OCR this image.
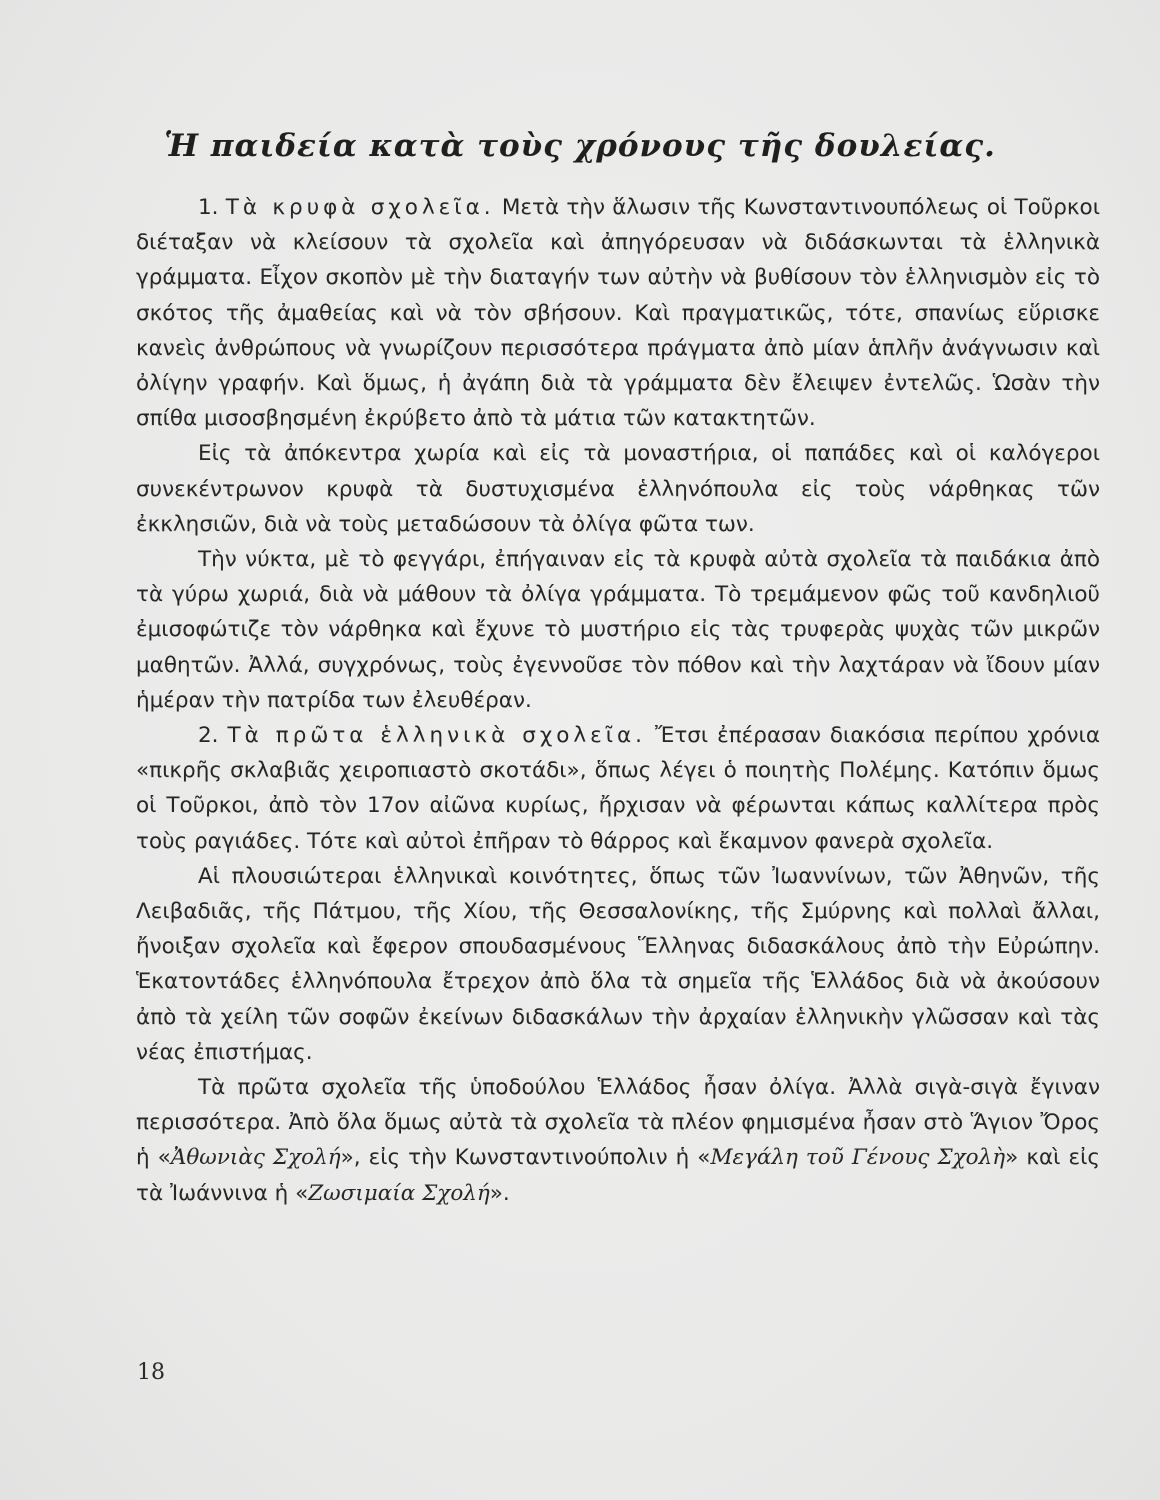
Ἡ παιδεία κατὰ τοὺς χρόνους τῆς δουλείας.

1. Τὰ κρυφὰ σχολεῖα. Μετὰ τὴν ἅλωσιν τῆς Κωνσταντινουπόλεως οἱ Τοῦρκοι διέταξαν νὰ κλείσουν τὰ σχολεῖα καὶ ἀπηγόρευσαν νὰ διδάσκωνται τὰ ἑλληνικὰ γράμματα. Εἶχον σκοπὸν μὲ τὴν διαταγήν των αὐτὴν νὰ βυθίσουν τὸν ἑλληνισμὸν εἰς τὸ σκότος τῆς ἀμαθείας καὶ νὰ τὸν σβήσουν. Καὶ πραγματικῶς, τότε, σπανίως εὕρισκε κανεὶς ἀνθρώπους νὰ γνωρίζουν περισσότερα πράγματα ἀπὸ μίαν ἁπλῆν ἀνάγνωσιν καὶ ὀλίγην γραφήν. Καὶ ὅμως, ἡ ἀγάπη διὰ τὰ γράμματα δὲν ἔλειψεν ἐντελῶς. Ὡσὰν τὴν σπίθα μισοσβησμένη ἐκρύβετο ἀπὸ τὰ μάτια τῶν κατακτητῶν.

Εἰς τὰ ἀπόκεντρα χωρία καὶ εἰς τὰ μοναστήρια, οἱ παπάδες καὶ οἱ καλόγεροι συνεκέντρωνον κρυφὰ τὰ δυστυχισμένα ἑλληνόπουλα εἰς τοὺς νάρθηκας τῶν ἐκκλησιῶν, διὰ νὰ τοὺς μεταδώσουν τὰ ὀλίγα φῶτα των.

Τὴν νύκτα, μὲ τὸ φεγγάρι, ἐπήγαιναν εἰς τὰ κρυφὰ αὐτὰ σχολεῖα τὰ παιδάκια ἀπὸ τὰ γύρω χωριά, διὰ νὰ μάθουν τὰ ὀλίγα γράμματα. Τὸ τρεμάμενον φῶς τοῦ κανδηλιοῦ ἐμισοφώτιζε τὸν νάρθηκα καὶ ἔχυνε τὸ μυστήριο εἰς τὰς τρυφερὰς ψυχὰς τῶν μικρῶν μαθητῶν. Ἀλλά, συγχρόνως, τοὺς ἐγεννοῦσε τὸν πόθον καὶ τὴν λαχτάραν νὰ ἴδουν μίαν ἡμέραν τὴν πατρίδα των ἐλευθέραν.

2. Τὰ πρῶτα ἑλληνικὰ σχολεῖα. Ἔτσι ἐπέρασαν διακόσια περίπου χρόνια «πικρῆς σκλαβιᾶς χειροπιαστὸ σκοτάδι», ὅπως λέγει ὁ ποιητὴς Πολέμης. Κατόπιν ὅμως οἱ Τοῦρκοι, ἀπὸ τὸν 17ον αἰῶνα κυρίως, ἤρχισαν νὰ φέρωνται κάπως καλλίτερα πρὸς τοὺς ραγιάδες. Τότε καὶ αὐτοὶ ἐπῆραν τὸ θάρρος καὶ ἔκαμνον φανερὰ σχολεῖα.

Αἱ πλουσιώτεραι ἑλληνικαὶ κοινότητες, ὅπως τῶν Ἰωαννίνων, τῶν Ἀθηνῶν, τῆς Λειβαδιᾶς, τῆς Πάτμου, τῆς Χίου, τῆς Θεσσαλονίκης, τῆς Σμύρνης καὶ πολλαὶ ἄλλαι, ἤνοιξαν σχολεῖα καὶ ἔφερον σπουδασμένους Ἕλληνας διδασκάλους ἀπὸ τὴν Εὐρώπην. Ἑκατοντάδες ἑλληνόπουλα ἔτρεχον ἀπὸ ὅλα τὰ σημεῖα τῆς Ἑλλάδος διὰ νὰ ἀκούσουν ἀπὸ τὰ χείλη τῶν σοφῶν ἐκείνων διδασκάλων τὴν ἀρχαίαν ἑλληνικὴν γλῶσσαν καὶ τὰς νέας ἐπιστήμας.

Τὰ πρῶτα σχολεῖα τῆς ὑποδούλου Ἑλλάδος ἦσαν ὀλίγα. Ἀλλὰ σιγὰ-σιγὰ ἔγιναν περισσότερα. Ἀπὸ ὅλα ὅμως αὐτὰ τὰ σχολεῖα τὰ πλέον φημισμένα ἦσαν στὸ Ἅγιον Ὄρος ἡ «Ἀθωνιὰς Σχολή», εἰς τὴν Κωνσταντινούπολιν ἡ «Μεγάλη τοῦ Γένους Σχολὴ» καὶ εἰς τὰ Ἰωάννινα ἡ «Ζωσιμαία Σχολή».

18
